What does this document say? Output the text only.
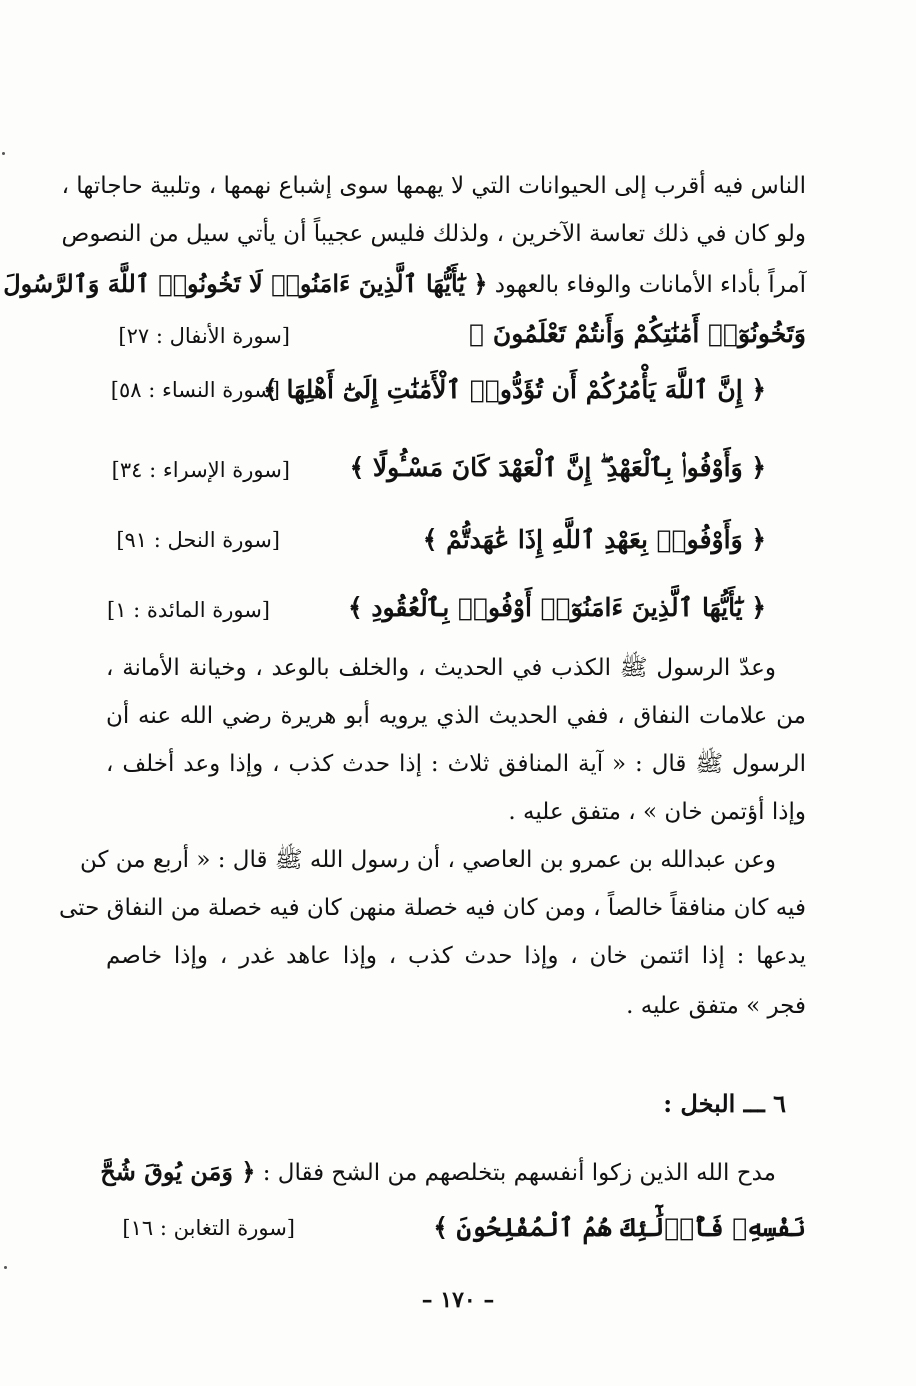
الناس فيه أقرب إلى الحيوانات التي لا يهمها سوى إشباع نهمها ، وتلبية حاجاتها ،
ولو كان في ذلك تعاسة الآخرين ، ولذلك فليس عجيباً أن يأتي سيل من النصوص
آمراً بأداء الأمانات والوفاء بالعهود ﴿ يَٰٓأَيُّهَا ٱلَّذِينَ ءَامَنُوا۟ لَا تَخُونُوا۟ ٱللَّهَ وَٱلرَّسُولَ
وَتَخُونُوٓا۟ أَمَٰنَٰتِكُمْ وَأَنتُمْ تَعْلَمُونَ ﴾
[سورة الأنفال : ٢٧]
﴿ إِنَّ ٱللَّهَ يَأْمُرُكُمْ أَن تُؤَدُّوا۟ ٱلْأَمَٰنَٰتِ إِلَىٰٓ أَهْلِهَا ﴾
[سورة النساء : ٥٨]
﴿ وَأَوْفُوا۟ بِٱلْعَهْدِ ۖ إِنَّ ٱلْعَهْدَ كَانَ مَسْـُٔولًا ﴾
[سورة الإسراء : ٣٤]
﴿ وَأَوْفُوا۟ بِعَهْدِ ٱللَّهِ إِذَا عَٰهَدتُّمْ ﴾
[سورة النحل : ٩١]
﴿ يَٰٓأَيُّهَا ٱلَّذِينَ ءَامَنُوٓا۟ أَوْفُوا۟ بِٱلْعُقُودِ ﴾
[سورة المائدة : ١]
وعدّ الرسول ﷺ الكذب في الحديث ، والخلف بالوعد ، وخيانة الأمانة ،
من علامات النفاق ، ففي الحديث الذي يرويه أبو هريرة رضي الله عنه أن
الرسول ﷺ قال : « آية المنافق ثلاث : إذا حدث كذب ، وإذا وعد أخلف ،
وإذا أؤتمن خان » ، متفق عليه .
وعن عبدالله بن عمرو بن العاصي ، أن رسول الله ﷺ قال : « أربع من كن
فيه كان منافقاً خالصاً ، ومن كان فيه خصلة منهن كان فيه خصلة من النفاق حتى
يدعها : إذا ائتمن خان ، وإذا حدث كذب ، وإذا عاهد غدر ، وإذا خاصم
فجر » متفق عليه .
٦ ـــ البخل :
مدح الله الذين زكوا أنفسهم بتخلصهم من الشح فقال : ﴿ وَمَن يُوقَ شُحَّ
نَفْسِهِۦ فَأُو۟لَٰٓئِكَ هُمُ ٱلْمُفْلِحُونَ ﴾
[سورة التغابن : ١٦]
– ١٧٠ –
